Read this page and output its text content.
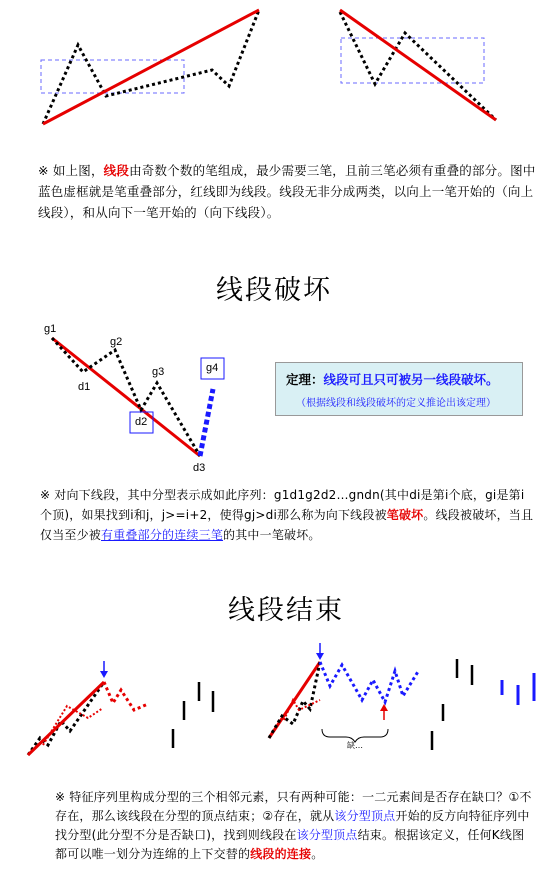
※ 如上图，线段由奇数个数的笔组成，最少需要三笔，且前三笔必须有重叠的部分。图中蓝色虚框就是笔重叠部分，红线即为线段。线段无非分成两类，以向上一笔开始的（向上线段），和从向下一笔开始的（向下线段）。
线段破坏
g1
g2
g3	g4
d1
d2
d3
定理：线段可且只可被另一线段破坏。
（根据线段和线段破坏的定义推论出该定理）
※ 对向下线段，其中分型表示成如此序列：g1d1g2d2…gndn(其中di是第i个底，gi是第i个顶)，如果找到i和j，j>=i+2，使得gj>di那么称为向下线段被笔破坏。线段被破坏，当且仅当至少被有重叠部分的连续三笔的其中一笔破坏。
线段结束
缺…
※ 特征序列里构成分型的三个相邻元素，只有两种可能：一二元素间是否存在缺口？①不存在，那么该线段在分型的顶点结束；②存在，就从该分型顶点开始的反方向特征序列中找分型(此分型不分是否缺口)，找到则线段在该分型顶点结束。根据该定义，任何K线图都可以唯一划分为连绵的上下交替的线段的连接。
